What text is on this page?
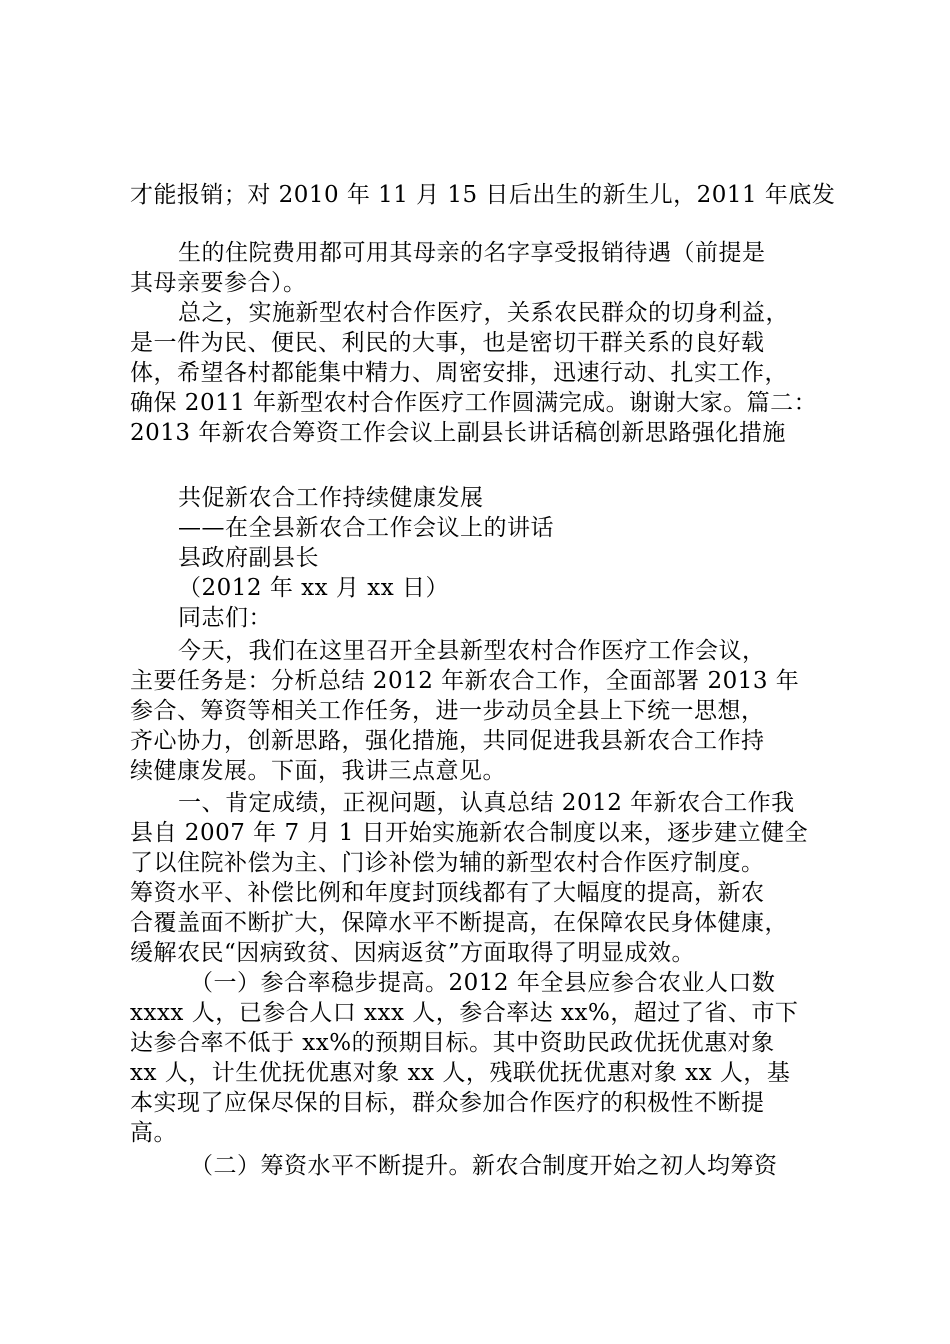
才能报销；对 2010 年 11 月 15 日后出生的新生儿，2011 年底发
生的住院费用都可用其母亲的名字享受报销待遇（前提是
其母亲要参合）。
总之，实施新型农村合作医疗，关系农民群众的切身利益，
是一件为民、便民、利民的大事，也是密切干群关系的良好载
体，希望各村都能集中精力、周密安排，迅速行动、扎实工作，
确保 2011 年新型农村合作医疗工作圆满完成。谢谢大家。篇二：
2013 年新农合筹资工作会议上副县长讲话稿创新思路强化措施
共促新农合工作持续健康发展
——在全县新农合工作会议上的讲话
县政府副县长
（2012 年 xx 月 xx 日）
同志们：
今天，我们在这里召开全县新型农村合作医疗工作会议，
主要任务是：分析总结 2012 年新农合工作，全面部署 2013 年
参合、筹资等相关工作任务，进一步动员全县上下统一思想，
齐心协力，创新思路，强化措施，共同促进我县新农合工作持
续健康发展。下面，我讲三点意见。
一、肯定成绩，正视问题，认真总结 2012 年新农合工作我
县自 2007 年 7 月 1 日开始实施新农合制度以来，逐步建立健全
了以住院补偿为主、门诊补偿为辅的新型农村合作医疗制度。
筹资水平、补偿比例和年度封顶线都有了大幅度的提高，新农
合覆盖面不断扩大，保障水平不断提高，在保障农民身体健康，
缓解农民“因病致贫、因病返贫”方面取得了明显成效。
（一）参合率稳步提高。2012 年全县应参合农业人口数
xxxx 人，已参合人口 xxx 人，参合率达 xx%，超过了省、市下
达参合率不低于 xx%的预期目标。其中资助民政优抚优惠对象
xx 人，计生优抚优惠对象 xx 人，残联优抚优惠对象 xx 人，基
本实现了应保尽保的目标，群众参加合作医疗的积极性不断提
高。
（二）筹资水平不断提升。新农合制度开始之初人均筹资
